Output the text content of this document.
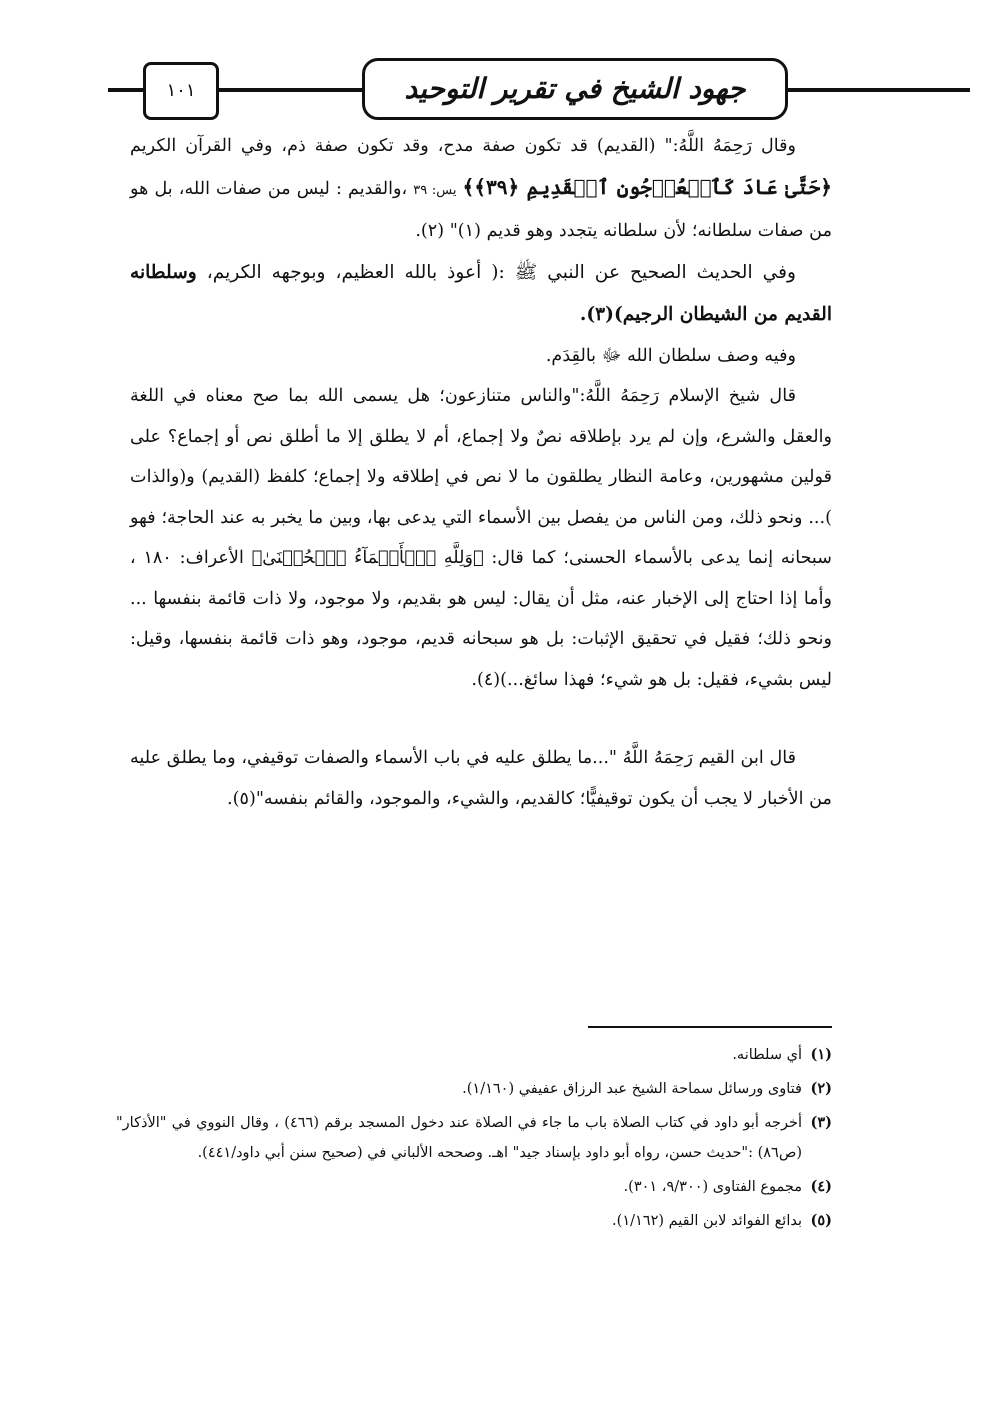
١٠١	جهود الشيخ في تقرير التوحيد

وقال رَحِمَهُ اللَّهُ:" (القديم) قد تكون صفة مدح، وقد تكون صفة ذم، وفي القرآن الكريم ﴿حَتَّىٰ عَادَ كَٱلۡعُرۡجُونِ ٱلۡقَدِيمِ ﴿٣٩﴾﴾ يس: ٣٩ ،والقديم : ليس من صفات الله، بل هو من صفات سلطانه؛ لأن سلطانه يتجدد وهو قديم (١)" (٢).

وفي الحديث الصحيح عن النبي ﷺ :( أعوذ بالله العظيم، وبوجهه الكريم، وسلطانه القديم من الشيطان الرجيم)(٣).

وفيه وصف سلطان الله ﷻ بالقِدَم.

قال شيخ الإسلام رَحِمَهُ اللَّهُ:"والناس متنازعون؛ هل يسمى الله بما صح معناه في اللغة والعقل والشرع، وإن لم يرد بإطلاقه نصٌ ولا إجماع، أم لا يطلق إلا ما أطلق نص أو إجماع؟ على قولين مشهورين، وعامة النظار يطلقون ما لا نص في إطلاقه ولا إجماع؛ كلفظ (القديم) و(والذات )... ونحو ذلك، ومن الناس من يفصل بين الأسماء التي يدعى بها، وبين ما يخبر به عند الحاجة؛ فهو سبحانه إنما يدعى بالأسماء الحسنى؛ كما قال: ﴿وَلِلَّهِ ٱلۡأَسۡمَآءُ ٱلۡحُسۡنَىٰ﴾ الأعراف: ١٨٠ ، وأما إذا احتاج إلى الإخبار عنه، مثل أن يقال: ليس هو بقديم، ولا موجود، ولا ذات قائمة بنفسها ... ونحو ذلك؛ فقيل في تحقيق الإثبات: بل هو سبحانه قديم، موجود، وهو ذات قائمة بنفسها، وقيل: ليس بشيء، فقيل: بل هو شيء؛ فهذا سائغ...)(٤).

قال ابن القيم رَحِمَهُ اللَّهُ "...ما يطلق عليه في باب الأسماء والصفات توقيفي، وما يطلق عليه من الأخبار لا يجب أن يكون توقيفيًّا؛ كالقديم، والشيء، والموجود، والقائم بنفسه"(٥).

(١)
أي سلطانه.

(٢)
فتاوى ورسائل سماحة الشيخ عبد الرزاق عفيفي (١/١٦٠).

(٣)
أخرجه أبو داود في كتاب الصلاة باب ما جاء في الصلاة عند دخول المسجد برقم (٤٦٦) ، وقال النووي في "الأذكار" (ص٨٦) :"حديث حسن، رواه أبو داود بإسناد جيد" اهـ. وصححه الألباني في (صحيح سنن أبي داود/٤٤١).

(٤)
مجموع الفتاوى (٩/٣٠٠، ٣٠١).

(٥)
بدائع الفوائد لابن القيم (١/١٦٢).
